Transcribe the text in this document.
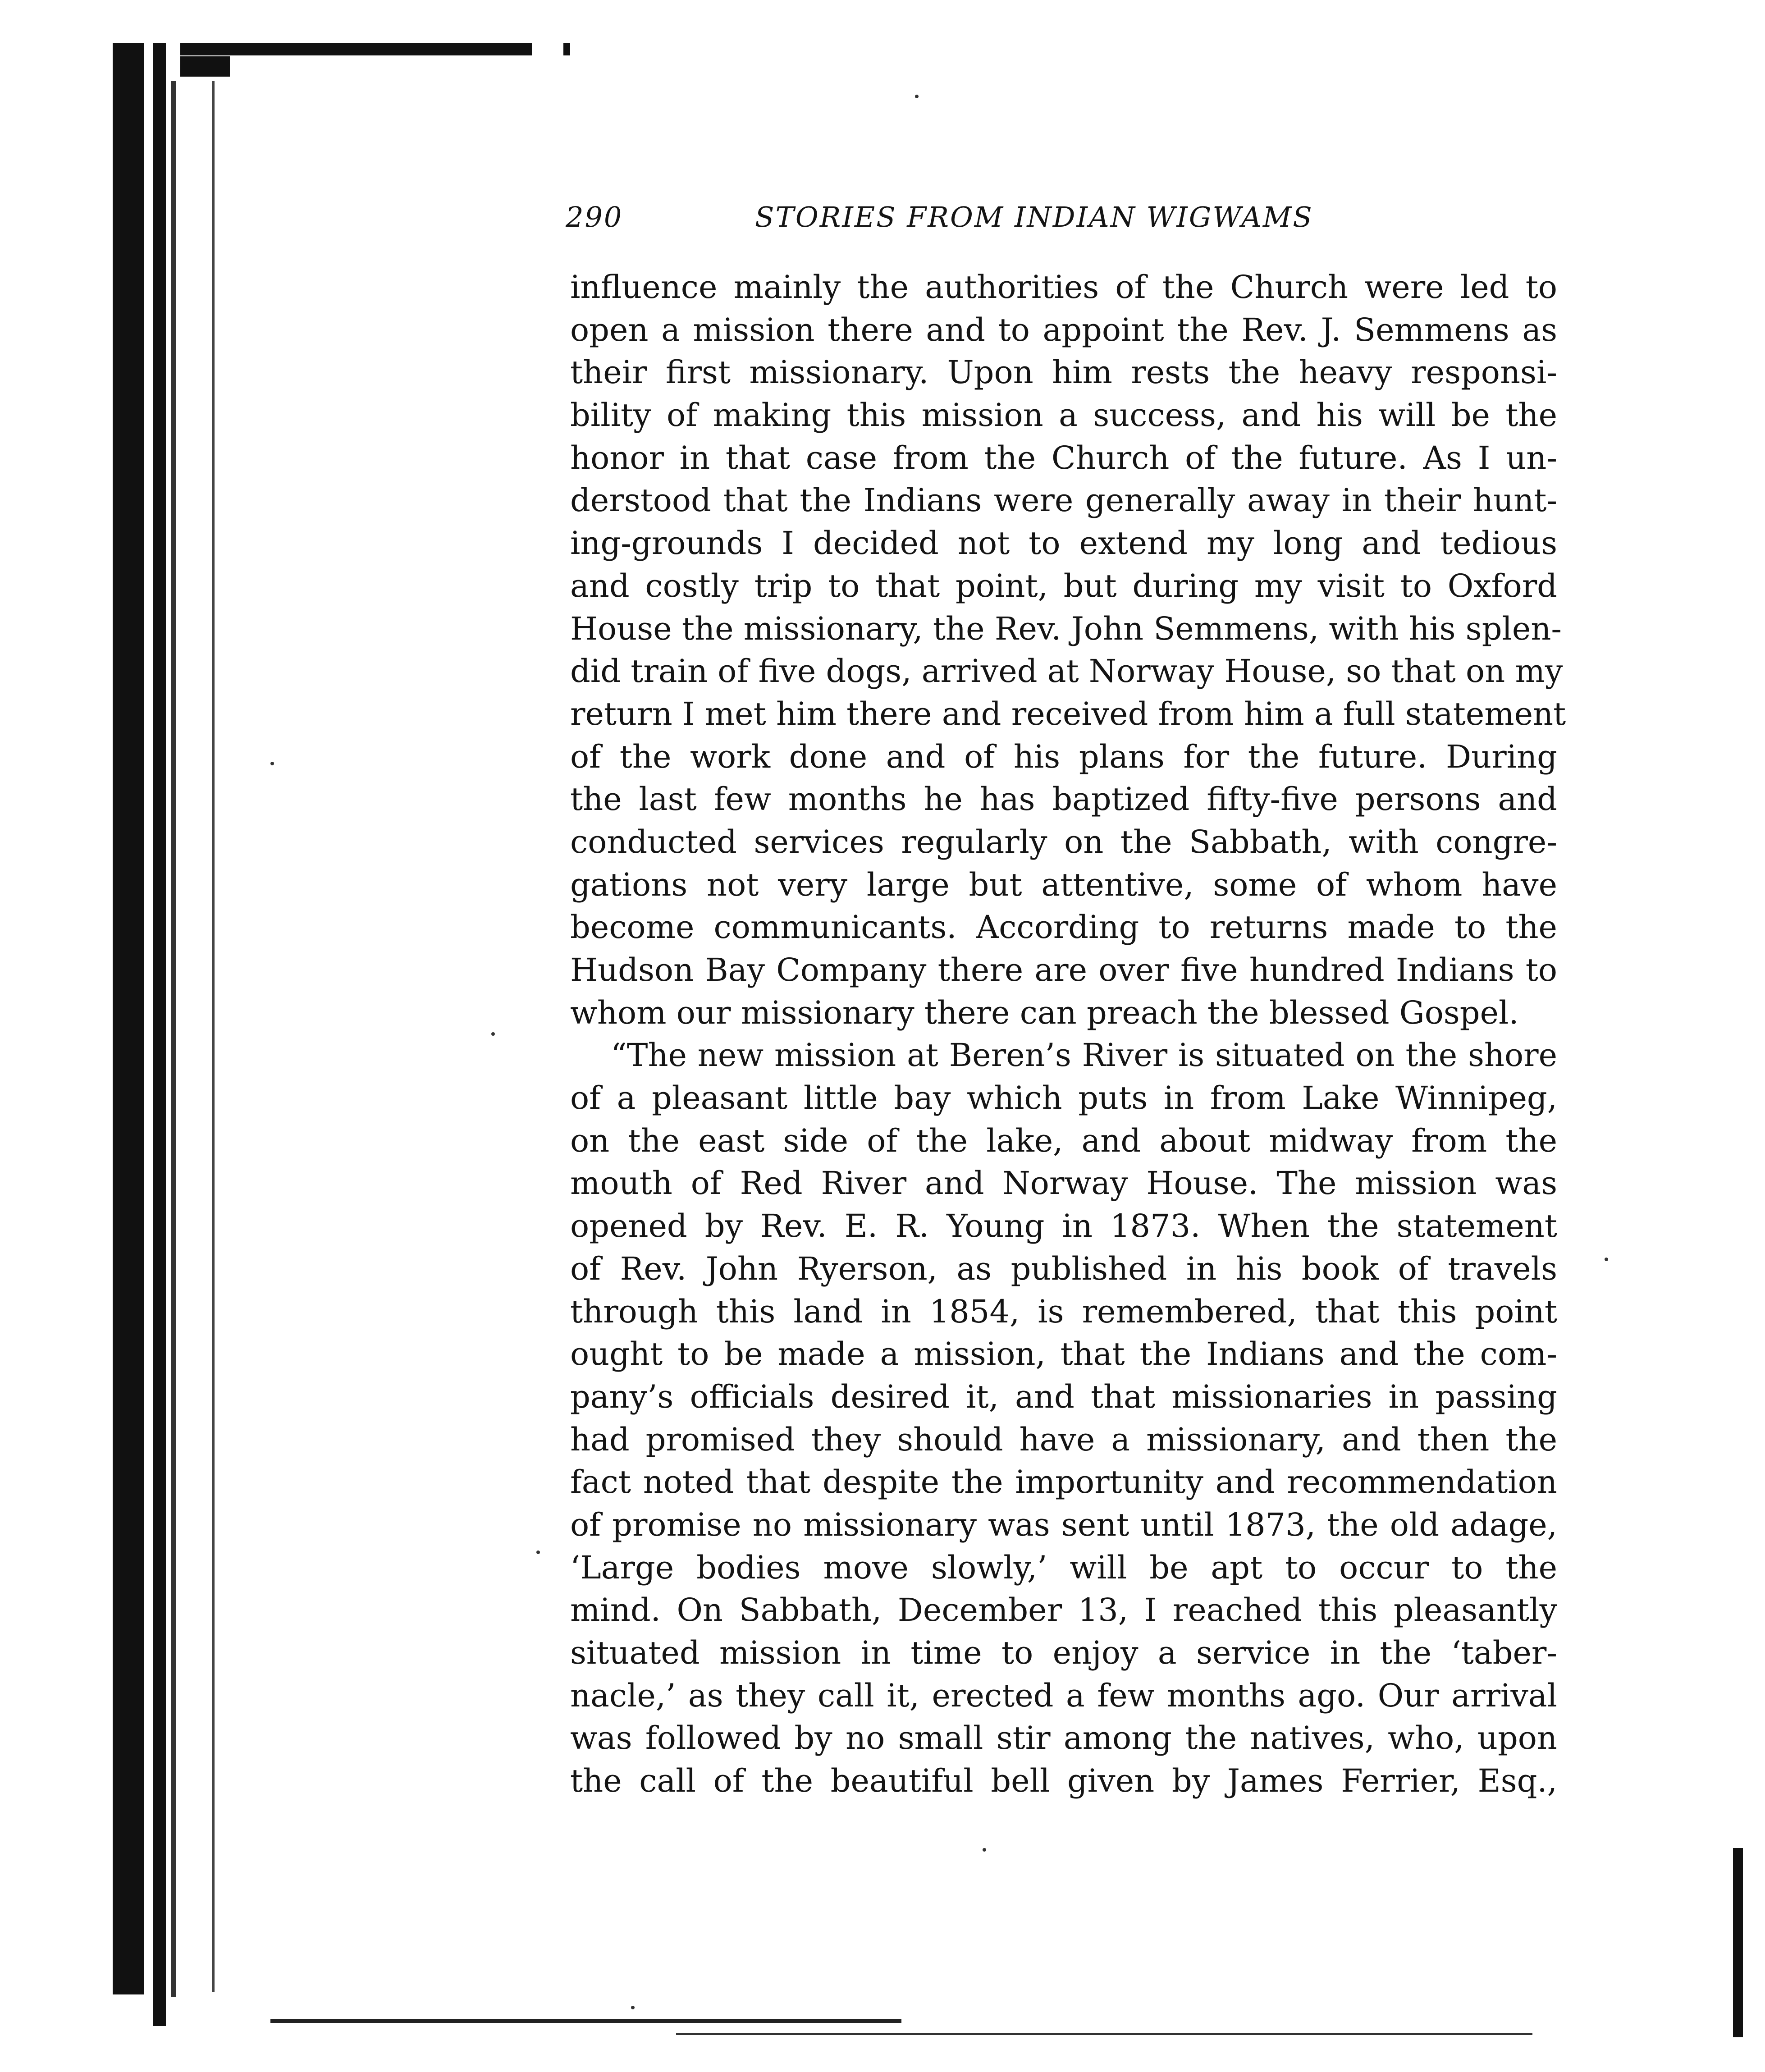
290	STORIES FROM INDIAN WIGWAMS
influence mainly the authorities of the Church were led to
open a mission there and to appoint the Rev. J. Semmens as
their first missionary. Upon him rests the heavy responsi-
bility of making this mission a success, and his will be the
honor in that case from the Church of the future. As I un-
derstood that the Indians were generally away in their hunt-
ing-grounds I decided not to extend my long and tedious
and costly trip to that point, but during my visit to Oxford
House the missionary, the Rev. John Semmens, with his splen-
did train of five dogs, arrived at Norway House, so that on my
return I met him there and received from him a full statement
of the work done and of his plans for the future. During
the last few months he has baptized fifty-five persons and
conducted services regularly on the Sabbath, with congre-
gations not very large but attentive, some of whom have
become communicants. According to returns made to the
Hudson Bay Company there are over five hundred Indians to
whom our missionary there can preach the blessed Gospel.
“The new mission at Beren’s River is situated on the shore
of a pleasant little bay which puts in from Lake Winnipeg,
on the east side of the lake, and about midway from the
mouth of Red River and Norway House. The mission was
opened by Rev. E. R. Young in 1873. When the statement
of Rev. John Ryerson, as published in his book of travels
through this land in 1854, is remembered, that this point
ought to be made a mission, that the Indians and the com-
pany’s officials desired it, and that missionaries in passing
had promised they should have a missionary, and then the
fact noted that despite the importunity and recommendation
of promise no missionary was sent until 1873, the old adage,
‘Large bodies move slowly,’ will be apt to occur to the
mind. On Sabbath, December 13, I reached this pleasantly
situated mission in time to enjoy a service in the ‘taber-
nacle,’ as they call it, erected a few months ago. Our arrival
was followed by no small stir among the natives, who, upon
the call of the beautiful bell given by James Ferrier, Esq.,
